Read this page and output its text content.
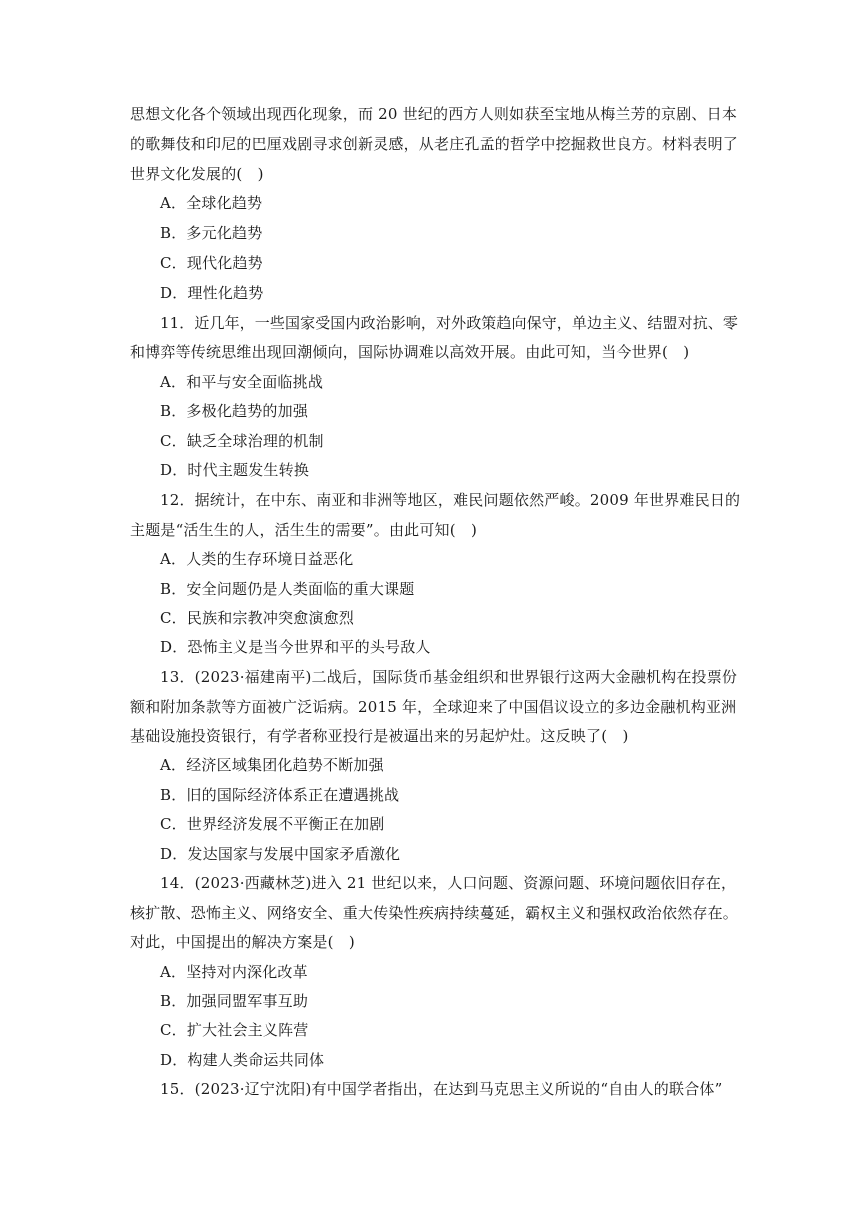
思想文化各个领域出现西化现象，而 20 世纪的西方人则如获至宝地从梅兰芳的京剧、日本
的歌舞伎和印尼的巴厘戏剧寻求创新灵感，从老庄孔孟的哲学中挖掘救世良方。材料表明了
世界文化发展的(　)
A．全球化趋势
B．多元化趋势
C．现代化趋势
D．理性化趋势
11．近几年，一些国家受国内政治影响，对外政策趋向保守，单边主义、结盟对抗、零
和博弈等传统思维出现回潮倾向，国际协调难以高效开展。由此可知，当今世界(　)
A．和平与安全面临挑战
B．多极化趋势的加强
C．缺乏全球治理的机制
D．时代主题发生转换
12．据统计，在中东、南亚和非洲等地区，难民问题依然严峻。2009 年世界难民日的
主题是“活生生的人，活生生的需要”。由此可知(　)
A．人类的生存环境日益恶化
B．安全问题仍是人类面临的重大课题
C．民族和宗教冲突愈演愈烈
D．恐怖主义是当今世界和平的头号敌人
13．(2023·福建南平)二战后，国际货币基金组织和世界银行这两大金融机构在投票份
额和附加条款等方面被广泛诟病。2015 年，全球迎来了中国倡议设立的多边金融机构亚洲
基础设施投资银行，有学者称亚投行是被逼出来的另起炉灶。这反映了(　)
A．经济区域集团化趋势不断加强
B．旧的国际经济体系正在遭遇挑战
C．世界经济发展不平衡正在加剧
D．发达国家与发展中国家矛盾激化
14．(2023·西藏林芝)进入 21 世纪以来，人口问题、资源问题、环境问题依旧存在，
核扩散、恐怖主义、网络安全、重大传染性疾病持续蔓延，霸权主义和强权政治依然存在。
对此，中国提出的解决方案是(　)
A．坚持对内深化改革
B．加强同盟军事互助
C．扩大社会主义阵营
D．构建人类命运共同体
15．(2023·辽宁沈阳)有中国学者指出，在达到马克思主义所说的“自由人的联合体”
